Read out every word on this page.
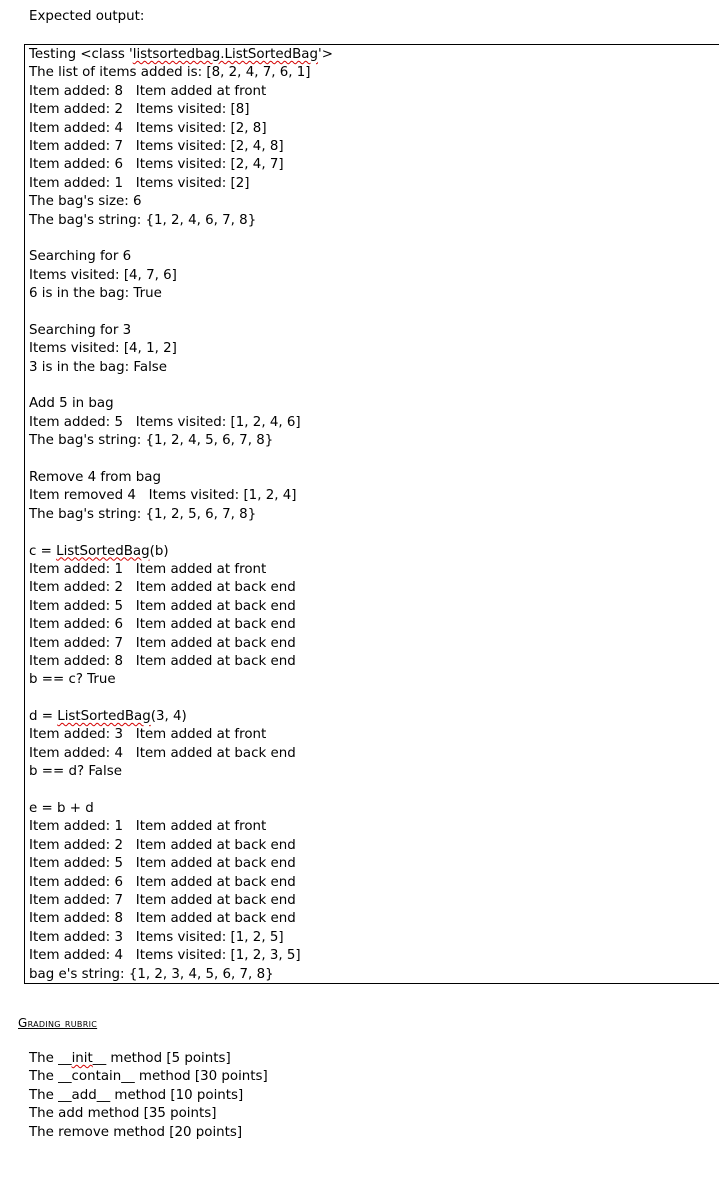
Expected output:
Testing <class 'listsortedbag.ListSortedBag'>
The list of items added is: [8, 2, 4, 7, 6, 1]
Item added: 8   Item added at front
Item added: 2   Items visited: [8]
Item added: 4   Items visited: [2, 8]
Item added: 7   Items visited: [2, 4, 8]
Item added: 6   Items visited: [2, 4, 7]
Item added: 1   Items visited: [2]
The bag's size: 6
The bag's string: {1, 2, 4, 6, 7, 8}
Searching for 6
Items visited: [4, 7, 6]
6 is in the bag: True
Searching for 3
Items visited: [4, 1, 2]
3 is in the bag: False
Add 5 in bag
Item added: 5   Items visited: [1, 2, 4, 6]
The bag's string: {1, 2, 4, 5, 6, 7, 8}
Remove 4 from bag
Item removed 4   Items visited: [1, 2, 4]
The bag's string: {1, 2, 5, 6, 7, 8}
c = ListSortedBag(b)
Item added: 1   Item added at front
Item added: 2   Item added at back end
Item added: 5   Item added at back end
Item added: 6   Item added at back end
Item added: 7   Item added at back end
Item added: 8   Item added at back end
b == c? True
d = ListSortedBag(3, 4)
Item added: 3   Item added at front
Item added: 4   Item added at back end
b == d? False
e = b + d
Item added: 1   Item added at front
Item added: 2   Item added at back end
Item added: 5   Item added at back end
Item added: 6   Item added at back end
Item added: 7   Item added at back end
Item added: 8   Item added at back end
Item added: 3   Items visited: [1, 2, 5]
Item added: 4   Items visited: [1, 2, 3, 5]
bag e's string: {1, 2, 3, 4, 5, 6, 7, 8}
Grading rubric
The __init__ method [5 points]
The __contain__ method [30 points]
The __add__ method [10 points]
The add method [35 points]
The remove method [20 points]
